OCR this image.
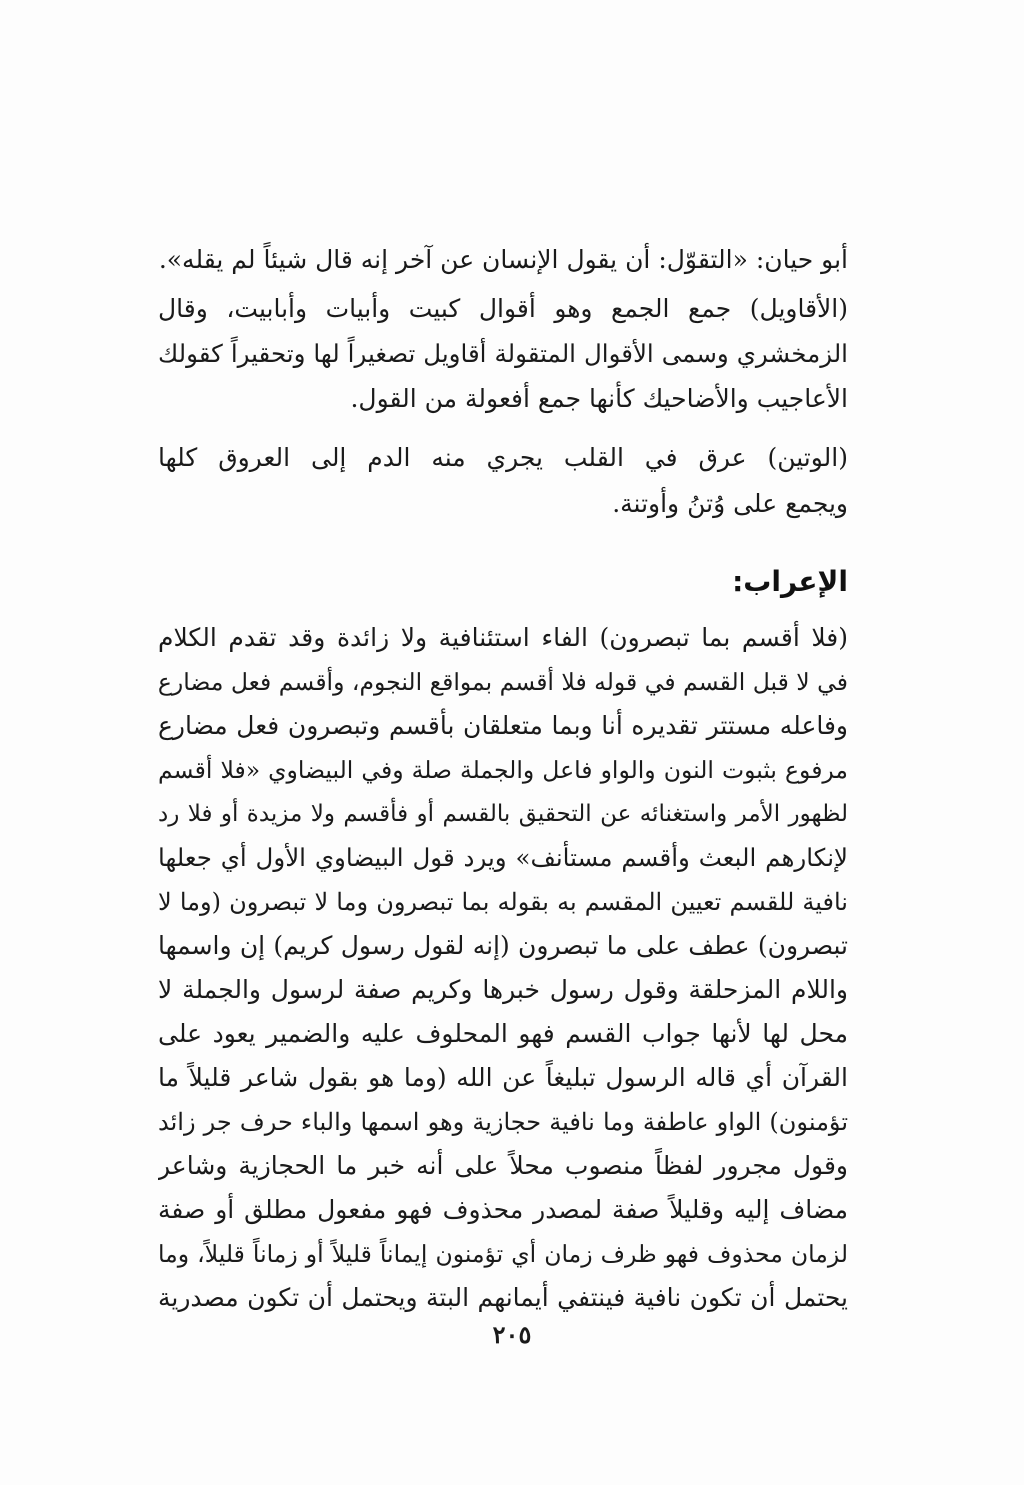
أبو حيان: «التقوّل: أن يقول الإنسان عن آخر إنه قال شيئاً لم يقله».
(الأقاويل) جمع الجمع وهو أقوال كبيت وأبيات وأبابيت، وقال
الزمخشري وسمى الأقوال المتقولة أقاويل تصغيراً لها وتحقيراً كقولك
الأعاجيب والأضاحيك كأنها جمع أفعولة من القول.
(الوتين) عرق في القلب يجري منه الدم إلى العروق كلها
ويجمع على وُتنُ وأوتنة.
الإعراب:
(فلا أقسم بما تبصرون) الفاء استئنافية ولا زائدة وقد تقدم الكلام
في لا قبل القسم في قوله فلا أقسم بمواقع النجوم، وأقسم فعل مضارع
وفاعله مستتر تقديره أنا وبما متعلقان بأقسم وتبصرون فعل مضارع
مرفوع بثبوت النون والواو فاعل والجملة صلة وفي البيضاوي «فلا أقسم
لظهور الأمر واستغنائه عن التحقيق بالقسم أو فأقسم ولا مزيدة أو فلا رد
لإنكارهم البعث وأقسم مستأنف» ويرد قول البيضاوي الأول أي جعلها
نافية للقسم تعيين المقسم به بقوله بما تبصرون وما لا تبصرون (وما لا
تبصرون) عطف على ما تبصرون (إنه لقول رسول كريم) إن واسمها
واللام المزحلقة وقول رسول خبرها وكريم صفة لرسول والجملة لا
محل لها لأنها جواب القسم فهو المحلوف عليه والضمير يعود على
القرآن أي قاله الرسول تبليغاً عن الله (وما هو بقول شاعر قليلاً ما
تؤمنون) الواو عاطفة وما نافية حجازية وهو اسمها والباء حرف جر زائد
وقول مجرور لفظاً منصوب محلاً على أنه خبر ما الحجازية وشاعر
مضاف إليه وقليلاً صفة لمصدر محذوف فهو مفعول مطلق أو صفة
لزمان محذوف فهو ظرف زمان أي تؤمنون إيماناً قليلاً أو زماناً قليلاً، وما
يحتمل أن تكون نافية فينتفي أيمانهم البتة ويحتمل أن تكون مصدرية
٢٠٥
